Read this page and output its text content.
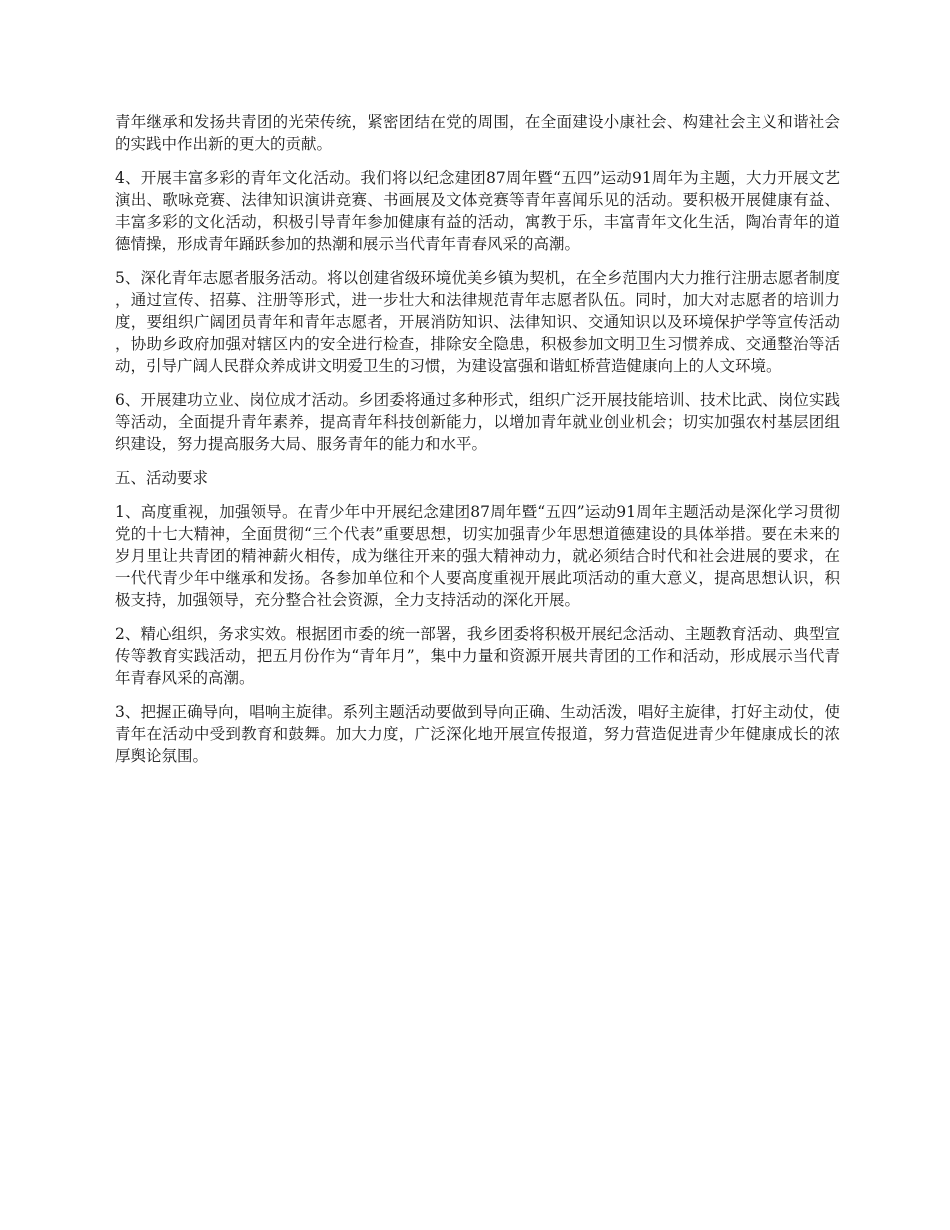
青年继承和发扬共青团的光荣传统，紧密团结在党的周围，在全面建设小康社会、构建社会主义和谐社会的实践中作出新的更大的贡献。

4、开展丰富多彩的青年文化活动。我们将以纪念建团87周年暨“五四”运动91周年为主题，大力开展文艺演出、歌咏竞赛、法律知识演讲竞赛、书画展及文体竞赛等青年喜闻乐见的活动。要积极开展健康有益、丰富多彩的文化活动，积极引导青年参加健康有益的活动，寓教于乐，丰富青年文化生活，陶冶青年的道德情操，形成青年踊跃参加的热潮和展示当代青年青春风采的高潮。

5、深化青年志愿者服务活动。将以创建省级环境优美乡镇为契机，在全乡范围内大力推行注册志愿者制度，通过宣传、招募、注册等形式，进一步壮大和法律规范青年志愿者队伍。同时，加大对志愿者的培训力度，要组织广阔团员青年和青年志愿者，开展消防知识、法律知识、交通知识以及环境保护学等宣传活动，协助乡政府加强对辖区内的安全进行检查，排除安全隐患，积极参加文明卫生习惯养成、交通整治等活动，引导广阔人民群众养成讲文明爱卫生的习惯，为建设富强和谐虹桥营造健康向上的人文环境。

6、开展建功立业、岗位成才活动。乡团委将通过多种形式，组织广泛开展技能培训、技术比武、岗位实践等活动，全面提升青年素养，提高青年科技创新能力，以增加青年就业创业机会；切实加强农村基层团组织建设，努力提高服务大局、服务青年的能力和水平。

五、活动要求

1、高度重视，加强领导。在青少年中开展纪念建团87周年暨“五四”运动91周年主题活动是深化学习贯彻党的十七大精神，全面贯彻“三个代表”重要思想，切实加强青少年思想道德建设的具体举措。要在未来的岁月里让共青团的精神薪火相传，成为继往开来的强大精神动力，就必须结合时代和社会进展的要求，在一代代青少年中继承和发扬。各参加单位和个人要高度重视开展此项活动的重大意义，提高思想认识，积极支持，加强领导，充分整合社会资源，全力支持活动的深化开展。

2、精心组织，务求实效。根据团市委的统一部署，我乡团委将积极开展纪念活动、主题教育活动、典型宣传等教育实践活动，把五月份作为“青年月”，集中力量和资源开展共青团的工作和活动，形成展示当代青年青春风采的高潮。

3、把握正确导向，唱响主旋律。系列主题活动要做到导向正确、生动活泼，唱好主旋律，打好主动仗，使青年在活动中受到教育和鼓舞。加大力度，广泛深化地开展宣传报道，努力营造促进青少年健康成长的浓厚舆论氛围。
